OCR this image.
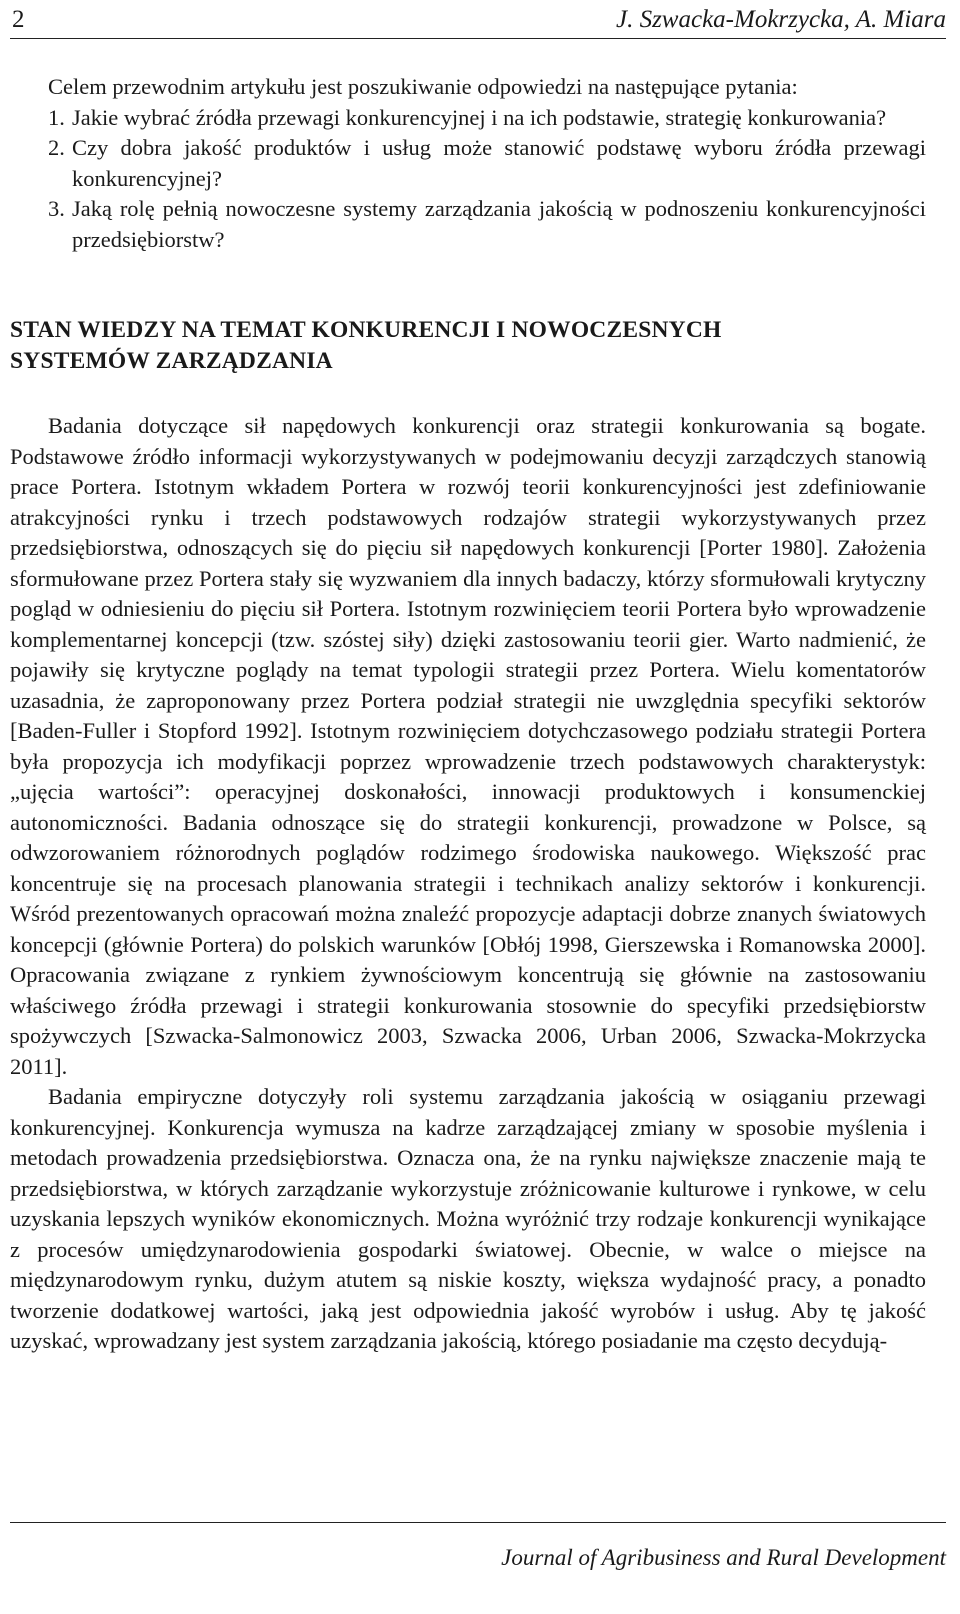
2	J. Szwacka-Mokrzycka, A. Miara

Celem przewodnim artykułu jest poszukiwanie odpowiedzi na następujące pytania:

1. Jakie wybrać źródła przewagi konkurencyjnej i na ich podstawie, strategię konkurowania?
2. Czy dobra jakość produktów i usług może stanowić podstawę wyboru źródła przewagi konkurencyjnej?
3. Jaką rolę pełnią nowoczesne systemy zarządzania jakością w podnoszeniu konkurencyjności przedsiębiorstw?
STAN WIEDZY NA TEMAT KONKURENCJI I NOWOCZESNYCH
SYSTEMÓW ZARZĄDZANIA

Badania dotyczące sił napędowych konkurencji oraz strategii konkurowania są bogate. Podstawowe źródło informacji wykorzystywanych w podejmowaniu decyzji zarządczych stanowią prace Portera. Istotnym wkładem Portera w rozwój teorii konkurencyjności jest zdefiniowanie atrakcyjności rynku i trzech podstawowych rodzajów strategii wykorzystywanych przez przedsiębiorstwa, odnoszących się do pięciu sił napędowych konkurencji [Porter 1980]. Założenia sformułowane przez Portera stały się wyzwaniem dla innych badaczy, którzy sformułowali krytyczny pogląd w odniesieniu do pięciu sił Portera. Istotnym rozwinięciem teorii Portera było wprowadzenie komplementarnej koncepcji (tzw. szóstej siły) dzięki zastosowaniu teorii gier. Warto nadmienić, że pojawiły się krytyczne poglądy na temat typologii strategii przez Portera. Wielu komentatorów uzasadnia, że zaproponowany przez Portera podział strategii nie uwzględnia specyfiki sektorów [Baden-Fuller i Stopford 1992]. Istotnym rozwinięciem dotychczasowego podziału strategii Portera była propozycja ich modyfikacji poprzez wprowadzenie trzech podstawowych charakterystyk: „ujęcia wartości”: operacyjnej doskonałości, innowacji produktowych i konsumenckiej autonomiczności. Badania odnoszące się do strategii konkurencji, prowadzone w Polsce, są odwzorowaniem różnorodnych poglądów rodzimego środowiska naukowego. Większość prac koncentruje się na procesach planowania strategii i technikach analizy sektorów i konkurencji. Wśród prezentowanych opracowań można znaleźć propozycje adaptacji dobrze znanych światowych koncepcji (głównie Portera) do polskich warunków [Obłój 1998, Gierszewska i Romanowska 2000]. Opracowania związane z rynkiem żywnościowym koncentrują się głównie na zastosowaniu właściwego źródła przewagi i strategii konkurowania stosownie do specyfiki przedsiębiorstw spożywczych [Szwacka-Salmonowicz 2003, Szwacka 2006, Urban 2006, Szwacka-Mokrzycka 2011].

Badania empiryczne dotyczyły roli systemu zarządzania jakością w osiąganiu przewagi konkurencyjnej. Konkurencja wymusza na kadrze zarządzającej zmiany w sposobie myślenia i metodach prowadzenia przedsiębiorstwa. Oznacza ona, że na rynku największe znaczenie mają te przedsiębiorstwa, w których zarządzanie wykorzystuje zróżnicowanie kulturowe i rynkowe, w celu uzyskania lepszych wyników ekonomicznych. Można wyróżnić trzy rodzaje konkurencji wynikające z procesów umiędzynarodowienia gospodarki światowej. Obecnie, w walce o miejsce na międzynarodowym rynku, dużym atutem są niskie koszty, większa wydajność pracy, a ponadto tworzenie dodatkowej wartości, jaką jest odpowiednia jakość wyrobów i usług. Aby tę jakość uzyskać, wprowadzany jest system zarządzania jakością, którego posiadanie ma często decydują-

Journal of Agribusiness and Rural Development
